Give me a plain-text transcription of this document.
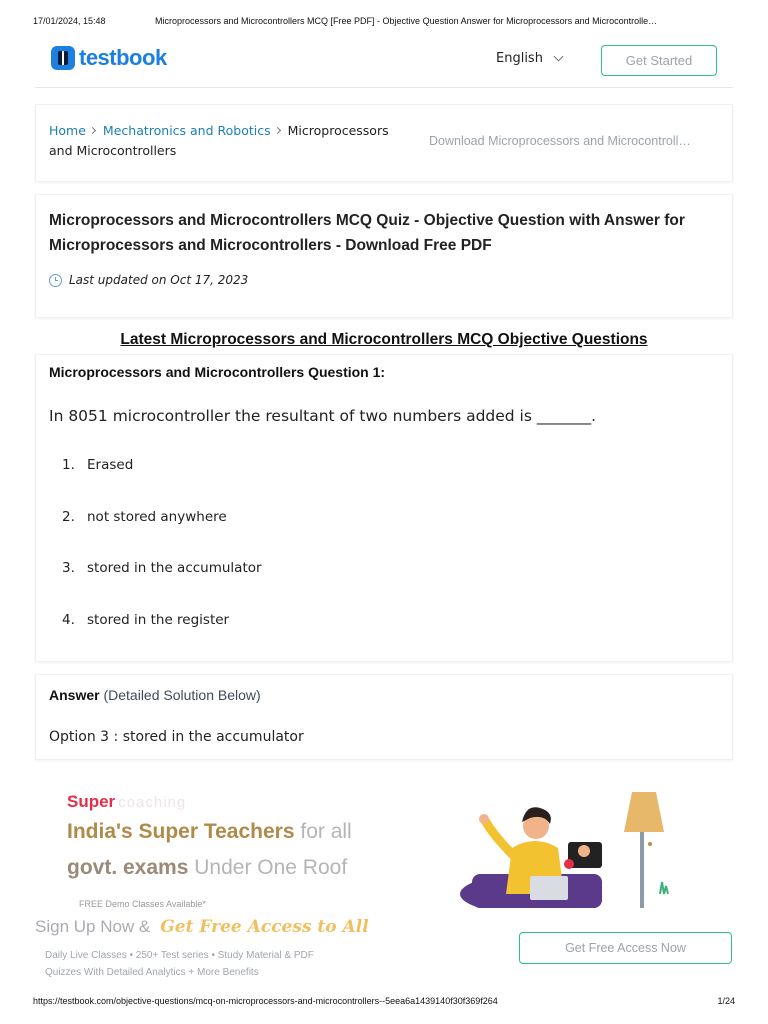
17/01/2024, 15:48	Microprocessors and Microcontrollers MCQ [Free PDF] - Objective Question Answer for Microprocessors and Microcontrolle…
testbook	English	Get Started
Home Mechatronics and Robotics Microprocessors and Microcontrollers
Download Microprocessors and Microcontroll…
Microprocessors and Microcontrollers MCQ Quiz - Objective Question with Answer for Microprocessors and Microcontrollers - Download Free PDF
Last updated on Oct 17, 2023
Latest Microprocessors and Microcontrollers MCQ Objective Questions
Microprocessors and Microcontrollers Question 1:
In 8051 microcontroller the resultant of two numbers added is _______.
1. Erased
2. not stored anywhere
3. stored in the accumulator
4. stored in the register
Answer (Detailed Solution Below)
Option 3 : stored in the accumulator
Super coaching
India's Super Teachers for all
govt. exams Under One Roof
FREE Demo Classes Available*
Sign Up Now & Get Free Access to All
Daily Live Classes • 250+ Test series • Study Material & PDF
Quizzes With Detailed Analytics + More Benefits
Get Free Access Now
https://testbook.com/objective-questions/mcq-on-microprocessors-and-microcontrollers--5eea6a1439140f30f369f264	1/24
